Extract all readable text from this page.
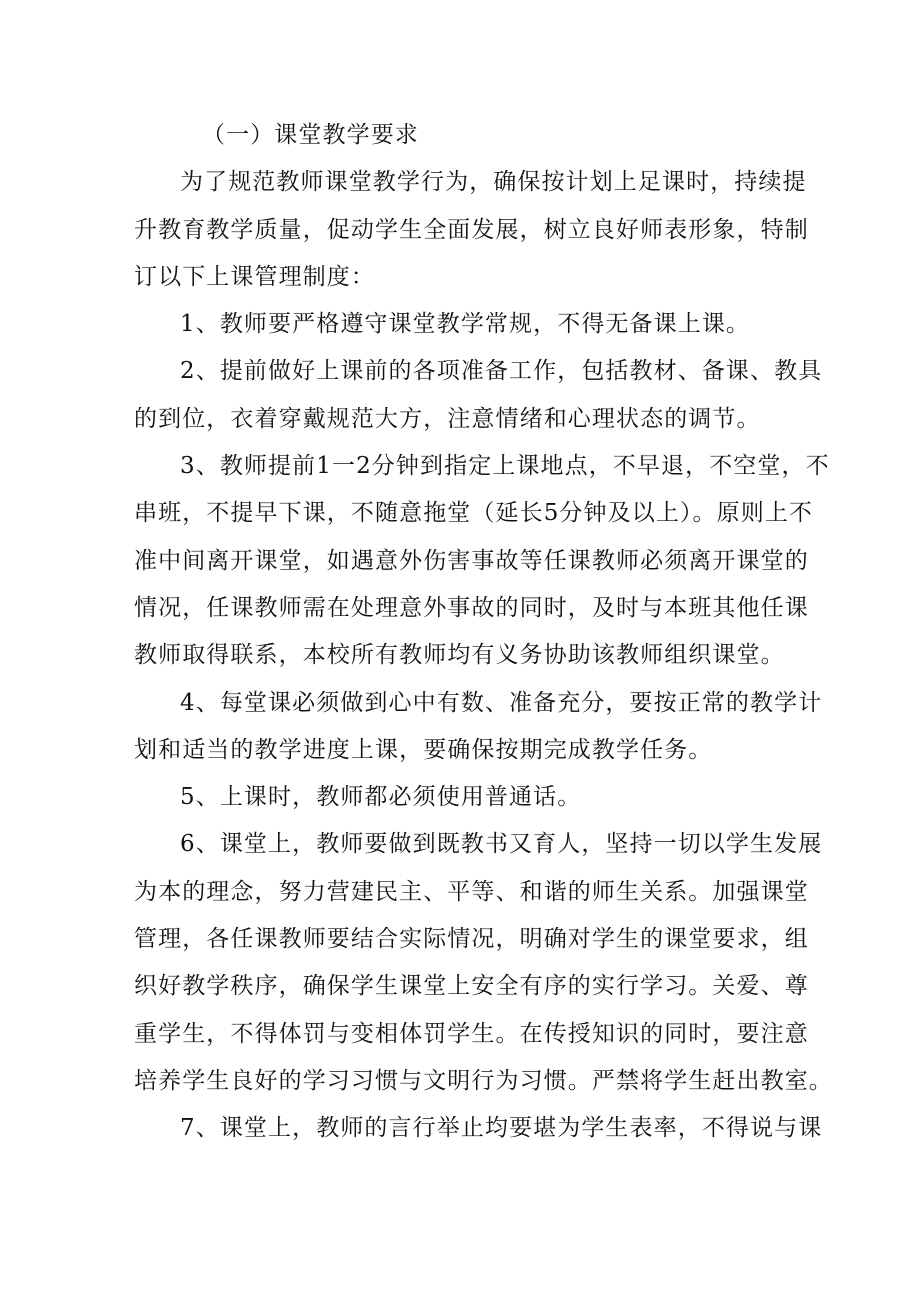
（一）课堂教学要求
为了规范教师课堂教学行为，确保按计划上足课时，持续提
升教育教学质量，促动学生全面发展，树立良好师表形象，特制
订以下上课管理制度：
1、教师要严格遵守课堂教学常规，不得无备课上课。
2、提前做好上课前的各项准备工作，包括教材、备课、教具
的到位，衣着穿戴规范大方，注意情绪和心理状态的调节。
3、教师提前1一2分钟到指定上课地点，不早退，不空堂，不
串班，不提早下课，不随意拖堂（延长5分钟及以上）。原则上不
准中间离开课堂，如遇意外伤害事故等任课教师必须离开课堂的
情况，任课教师需在处理意外事故的同时，及时与本班其他任课
教师取得联系，本校所有教师均有义务协助该教师组织课堂。
4、每堂课必须做到心中有数、准备充分，要按正常的教学计
划和适当的教学进度上课，要确保按期完成教学任务。
5、上课时，教师都必须使用普通话。
6、课堂上，教师要做到既教书又育人，坚持一切以学生发展
为本的理念，努力营建民主、平等、和谐的师生关系。加强课堂
管理，各任课教师要结合实际情况，明确对学生的课堂要求，组
织好教学秩序，确保学生课堂上安全有序的实行学习。关爱、尊
重学生，不得体罚与变相体罚学生。在传授知识的同时，要注意
培养学生良好的学习习惯与文明行为习惯。严禁将学生赶出教室。
7、课堂上，教师的言行举止均要堪为学生表率，不得说与课
